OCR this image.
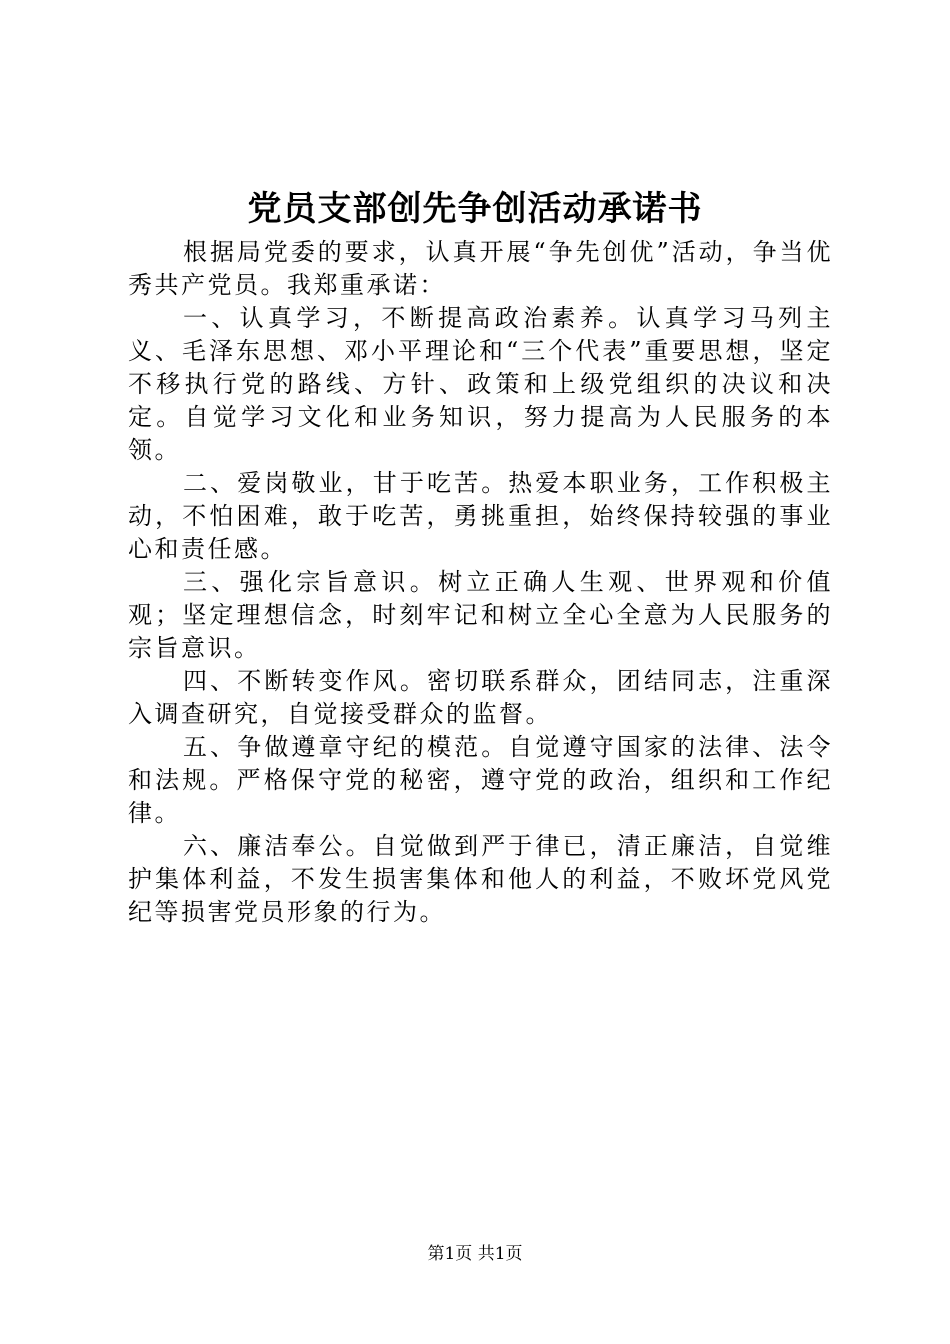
党员支部创先争创活动承诺书

根据局党委的要求，认真开展“争先创优”活动，争当优秀共产党员。我郑重承诺：

一、认真学习，不断提高政治素养。认真学习马列主义、毛泽东思想、邓小平理论和“三个代表”重要思想，坚定不移执行党的路线、方针、政策和上级党组织的决议和决定。自觉学习文化和业务知识，努力提高为人民服务的本领。

二、爱岗敬业，甘于吃苦。热爱本职业务，工作积极主动，不怕困难，敢于吃苦，勇挑重担，始终保持较强的事业心和责任感。

三、强化宗旨意识。树立正确人生观、世界观和价值观；坚定理想信念，时刻牢记和树立全心全意为人民服务的宗旨意识。

四、不断转变作风。密切联系群众，团结同志，注重深入调查研究，自觉接受群众的监督。

五、争做遵章守纪的模范。自觉遵守国家的法律、法令和法规。严格保守党的秘密，遵守党的政治，组织和工作纪律。

六、廉洁奉公。自觉做到严于律已，清正廉洁，自觉维护集体利益，不发生损害集体和他人的利益，不败坏党风党纪等损害党员形象的行为。

第1页 共1页
